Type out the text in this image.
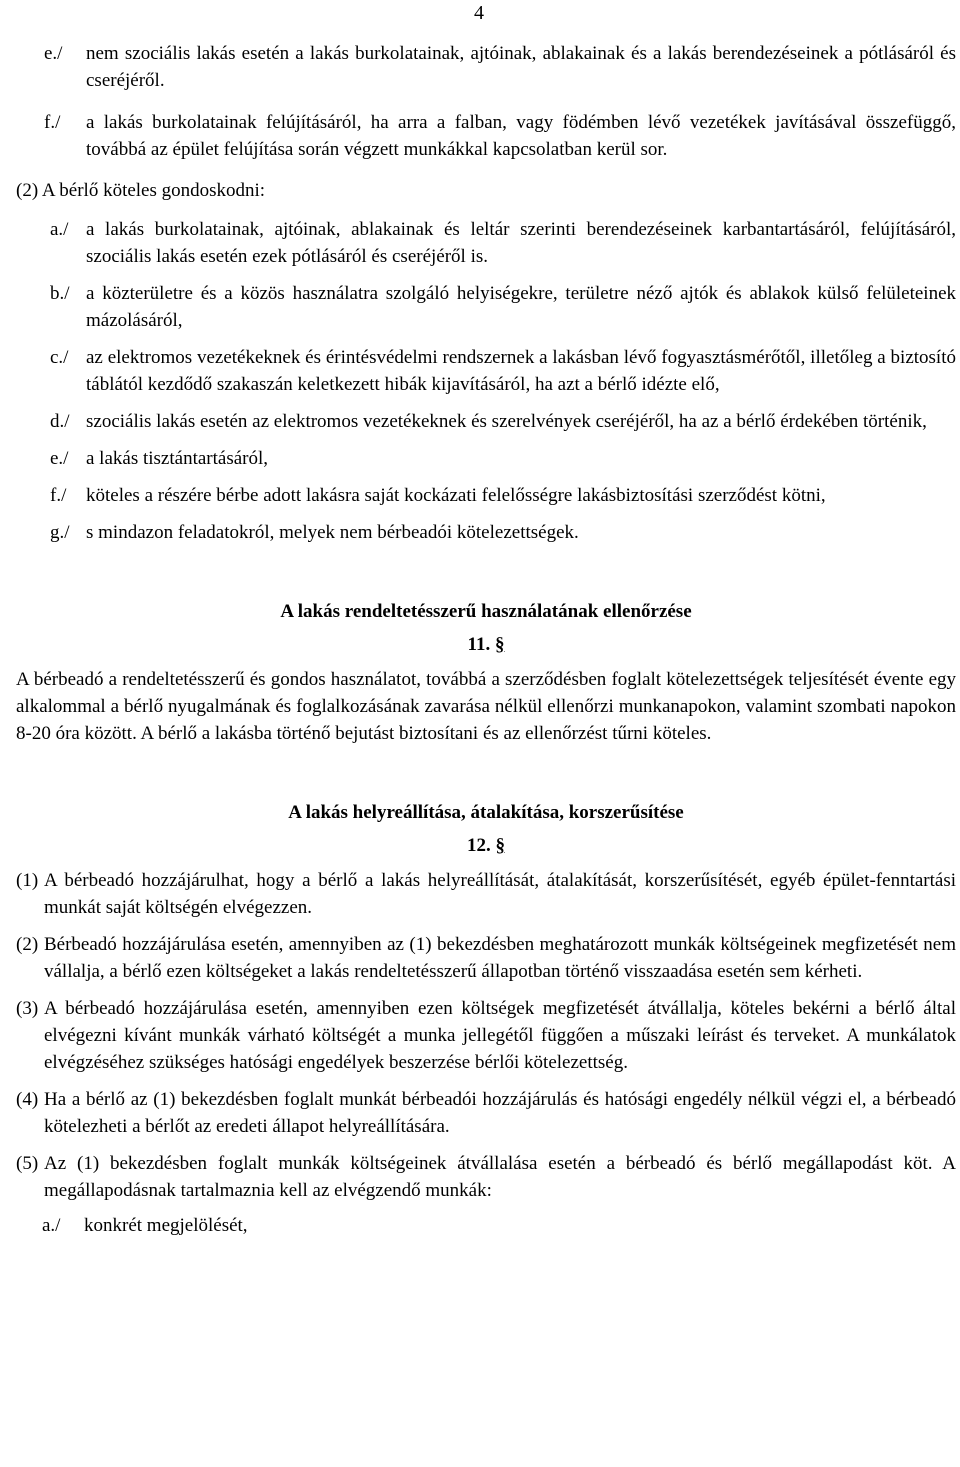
4
e./	nem szociális lakás esetén a lakás burkolatainak, ajtóinak, ablakainak és a lakás berendezéseinek a pótlásáról és cseréjéről.
f./	a lakás burkolatainak felújításáról, ha arra a falban, vagy födémben lévő vezetékek javításával összefüggő, továbbá az épület felújítása során végzett munkákkal kapcsolatban kerül sor.
(2) A bérlő köteles gondoskodni:
a./ a lakás burkolatainak, ajtóinak, ablakainak és leltár szerinti berendezéseinek karbantartásáról, felújításáról, szociális lakás esetén ezek pótlásáról és cseréjéről is.
b./ a közterületre és a közös használatra szolgáló helyiségekre, területre néző ajtók és ablakok külső felületeinek mázolásáról,
c./ az elektromos vezetékeknek és érintésvédelmi rendszernek a lakásban lévő fogyasztásmérőtől, illetőleg a biztosító táblától kezdődő szakaszán keletkezett hibák kijavításáról, ha azt a bérlő idézte elő,
d./ szociális lakás esetén az elektromos vezetékeknek és szerelvények cseréjéről, ha az a bérlő érdekében történik,
e./ a lakás tisztántartásáról,
f./	köteles a részére bérbe adott lakásra saját kockázati felelősségre lakásbiztosítási szerződést kötni,
g./ s mindazon feladatokról, melyek nem bérbeadói kötelezettségek.
A lakás rendeltetésszerű használatának ellenőrzése
11. §
A bérbeadó a rendeltetésszerű és gondos használatot, továbbá a szerződésben foglalt kötelezettségek teljesítését évente egy alkalommal a bérlő nyugalmának és foglalkozásának zavarása nélkül ellenőrzi munkanapokon, valamint szombati napokon 8-20 óra között. A bérlő a lakásba történő bejutást biztosítani és az ellenőrzést tűrni köteles.
A lakás helyreállítása, átalakítása, korszerűsítése
12. §
(1) A bérbeadó hozzájárulhat, hogy a bérlő a lakás helyreállítását, átalakítását, korszerűsítését, egyéb épület-fenntartási munkát saját költségén elvégezzen.
(2) Bérbeadó hozzájárulása esetén, amennyiben az (1) bekezdésben meghatározott munkák költségeinek megfizetését nem vállalja, a bérlő ezen költségeket a lakás rendeltetésszerű állapotban történő visszaadása esetén sem kérheti.
(3) A bérbeadó hozzájárulása esetén, amennyiben ezen költségek megfizetését átvállalja, köteles bekérni a bérlő által elvégezni kívánt munkák várható költségét a munka jellegétől függően a műszaki leírást és terveket. A munkálatok elvégzéséhez szükséges hatósági engedélyek beszerzése bérlői kötelezettség.
(4) Ha a bérlő az (1) bekezdésben foglalt munkát bérbeadói hozzájárulás és hatósági engedély nélkül végzi el, a bérbeadó kötelezheti a bérlőt az eredeti állapot helyreállítására.
(5) Az (1) bekezdésben foglalt munkák költségeinek átvállalása esetén a bérbeadó és bérlő megállapodást köt. A megállapodásnak tartalmaznia kell az elvégzendő munkák:
a./	konkrét megjelölését,
